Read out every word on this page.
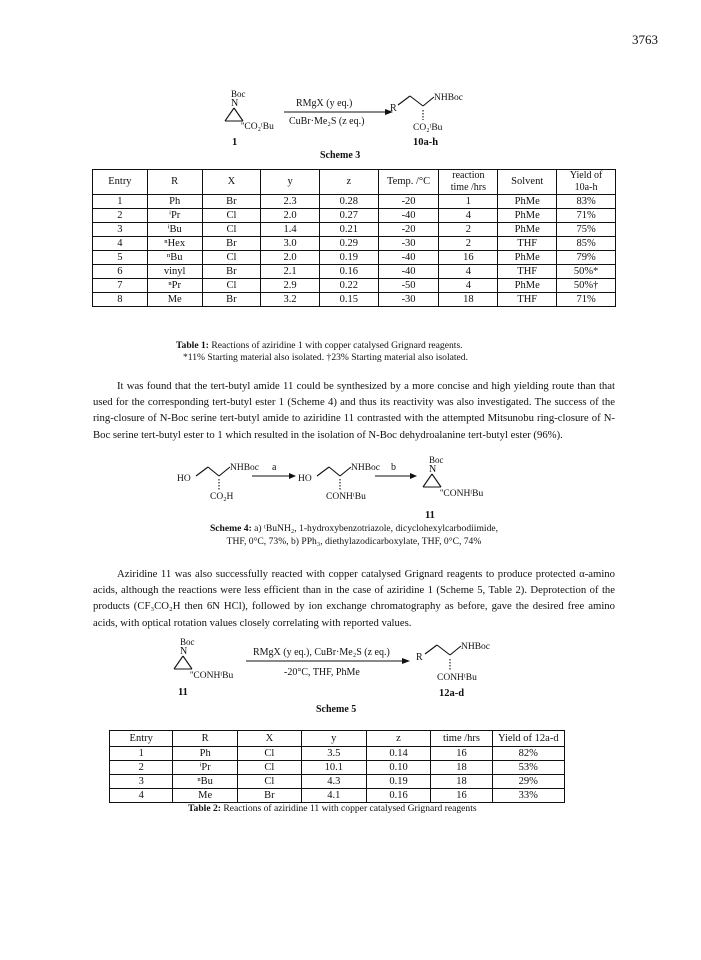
3763
Boc
N
''CO₂ᵗBu
1
RMgX (y eq.)
CuBr·Me₂S (z eq.)
R
NHBoc
CO₂ᵗBu
10a-h
Scheme 3
Entry	R	X	y	z	Temp. /°C	reaction time /hrs	Solvent	Yield of 10a-h
1	Ph	Br	2.3	0.28	-20	1	PhMe	83%
2	ⁱPr	Cl	2.0	0.27	-40	4	PhMe	71%
3	ⁱBu	Cl	1.4	0.21	-20	2	PhMe	75%
4	ⁿHex	Br	3.0	0.29	-30	2	THF	85%
5	ⁿBu	Cl	2.0	0.19	-40	16	PhMe	79%
6	vinyl	Br	2.1	0.16	-40	4	THF	50%*
7	ⁿPr	Cl	2.9	0.22	-50	4	PhMe	50%†
8	Me	Br	3.2	0.15	-30	18	THF	71%
Table 1: Reactions of aziridine 1 with copper catalysed Grignard reagents.
*11% Starting material also isolated. †23% Starting material also isolated.

It was found that the tert-butyl amide 11 could be synthesized by a more concise and high yielding route than that used for the corresponding tert-butyl ester 1 (Scheme 4) and thus its reactivity was also investigated. The success of the ring-closure of N-Boc serine tert-butyl amide to aziridine 11 contrasted with the attempted Mitsunobu ring-closure of N-Boc serine tert-butyl ester to 1 which resulted in the isolation of N-Boc dehydroalanine tert-butyl ester (96%).

HO
NHBoc a
CO₂H
HO
NHBoc b
CONHᵗBu
Boc
N
''CONHᵗBu
11
Scheme 4: a) ᵗBuNH₂, 1-hydroxybenzotriazole, dicyclohexylcarbodiimide,
THF, 0°C, 73%, b) PPh₃, diethylazodicarboxylate, THF, 0°C, 74%

Aziridine 11 was also successfully reacted with copper catalysed Grignard reagents to produce protected α-amino acids, although the reactions were less efficient than in the case of aziridine 1 (Scheme 5, Table 2). Deprotection of the products (CF₃CO₂H then 6N HCl), followed by ion exchange chromatography as before, gave the desired free amino acids, with optical rotation values closely correlating with reported values.

Boc
N
''CONHᵗBu
11
RMgX (y eq.), CuBr·Me₂S (z eq.)
-20°C, THF, PhMe
R
NHBoc
CONHᵗBu
12a-d
Scheme 5
Entry	R	X	y	z	time /hrs	Yield of 12a-d
1	Ph	Cl	3.5	0.14	16	82%
2	ⁱPr	Cl	10.1	0.10	18	53%
3	ⁿBu	Cl	4.3	0.19	18	29%
4	Me	Br	4.1	0.16	16	33%
Table 2: Reactions of aziridine 11 with copper catalysed Grignard reagents
